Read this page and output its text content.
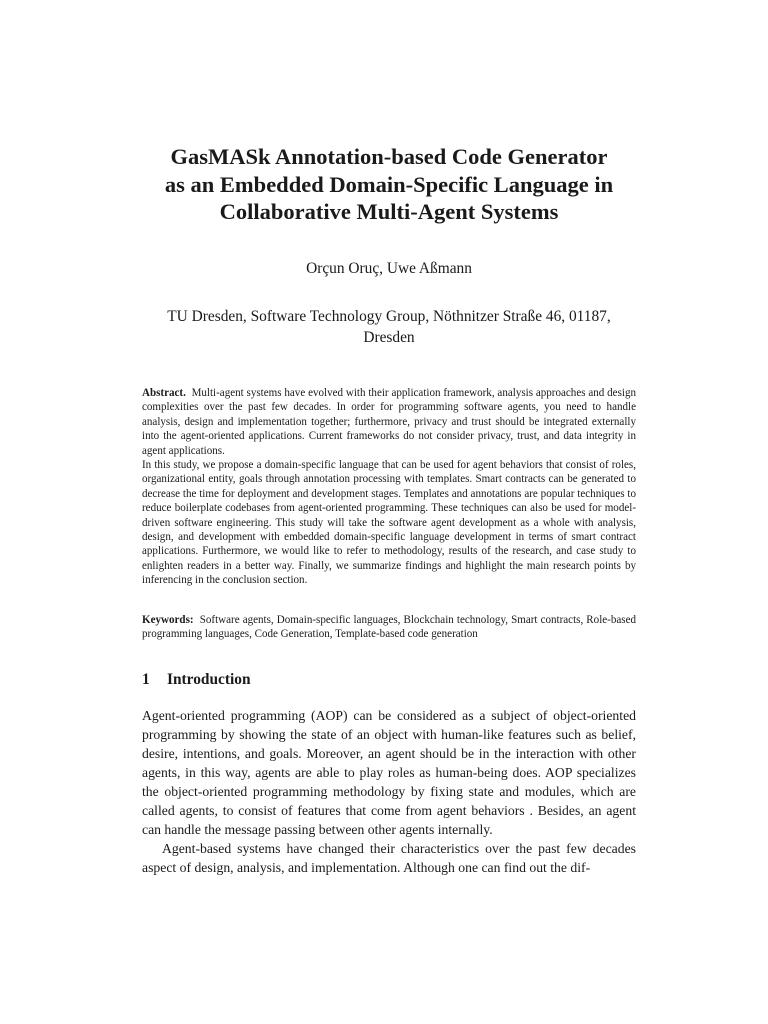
GasMASk Annotation-based Code Generator
as an Embedded Domain-Specific Language in
Collaborative Multi-Agent Systems
Orçun Oruç, Uwe Aßmann
TU Dresden, Software Technology Group, Nöthnitzer Straße 46, 01187,
Dresden

Abstract. Multi-agent systems have evolved with their application framework, analysis approaches and design complexities over the past few decades. In order for programming software agents, you need to handle analysis, design and implementation together; furthermore, privacy and trust should be integrated externally into the agent-oriented applications. Current frameworks do not consider privacy, trust, and data integrity in agent applications.

In this study, we propose a domain-specific language that can be used for agent behaviors that consist of roles, organizational entity, goals through annotation processing with templates. Smart contracts can be generated to decrease the time for deployment and development stages. Templates and annotations are popular techniques to reduce boilerplate codebases from agent-oriented programming. These techniques can also be used for model-driven software engineering. This study will take the software agent development as a whole with analysis, design, and development with embedded domain-specific language development in terms of smart contract applications. Furthermore, we would like to refer to methodology, results of the research, and case study to enlighten readers in a better way. Finally, we summarize findings and highlight the main research points by inferencing in the conclusion section.

Keywords: Software agents, Domain-specific languages, Blockchain technology, Smart contracts, Role-based programming languages, Code Generation, Template-based code generation

1 Introduction

Agent-oriented programming (AOP) can be considered as a subject of object-oriented programming by showing the state of an object with human-like features such as belief, desire, intentions, and goals. Moreover, an agent should be in the interaction with other agents, in this way, agents are able to play roles as human-being does. AOP specializes the object-oriented programming methodology by fixing state and modules, which are called agents, to consist of features that come from agent behaviors . Besides, an agent can handle the message passing between other agents internally.

Agent-based systems have changed their characteristics over the past few decades aspect of design, analysis, and implementation. Although one can find out the dif-
